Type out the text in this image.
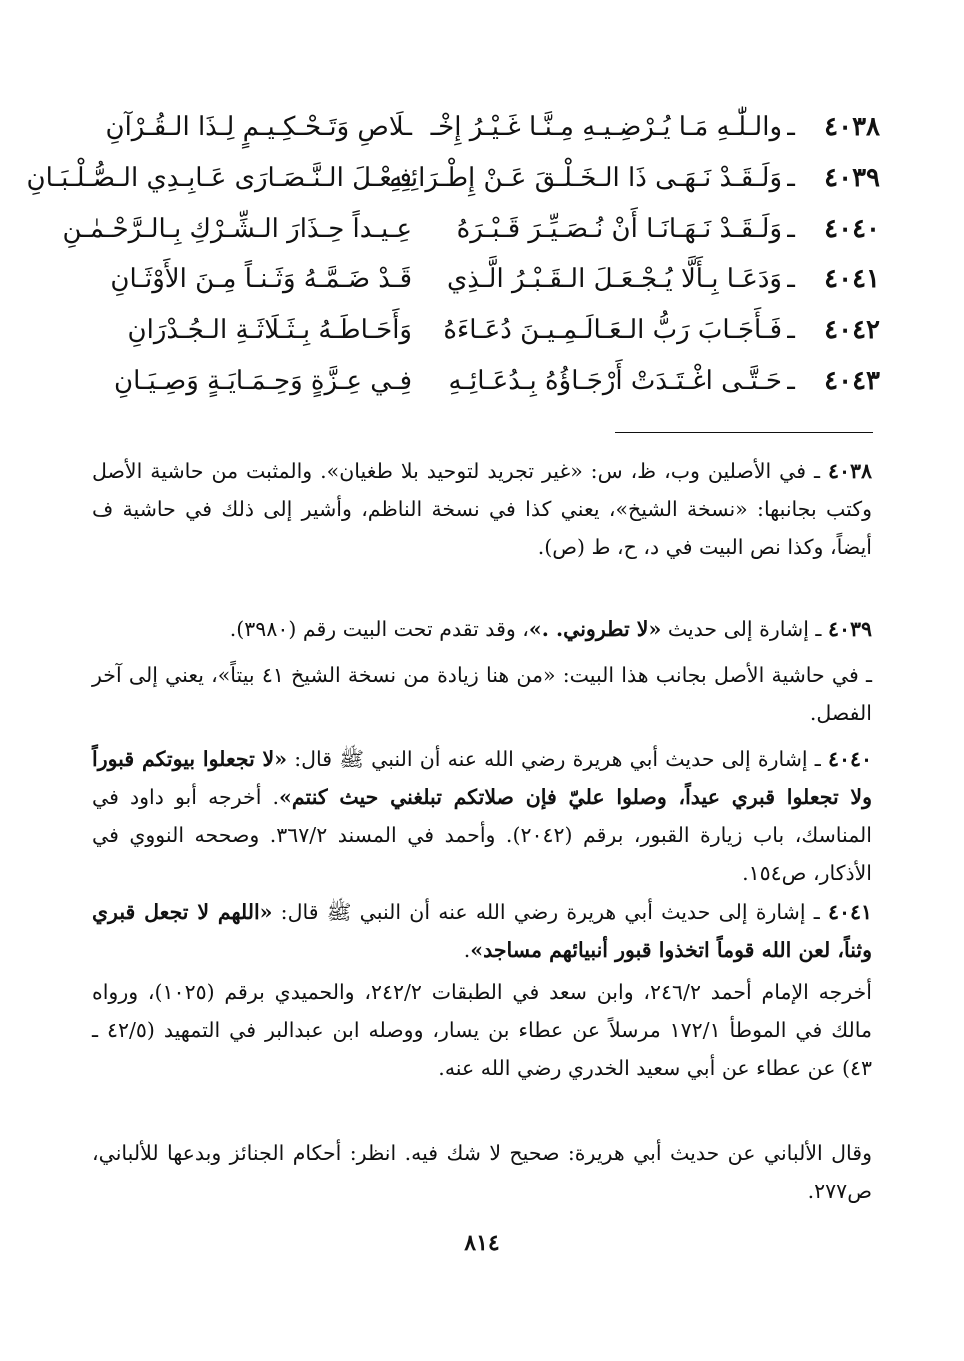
٤٠٣٨
ـ
والـلّٰـهِ مَـا يُـرْضِـيـهِ مِـنَّـا غَـيْـرُ إِخْـ
ـلَاصِ وَتَـحْـكِـيـمٍ لِـذَا الـقُـرْآنِ
٤٠٣٩
ـ
وَلَـقَـدْ نَـهَـى ذَا الـخَـلْـقَ عَـنْ إِطْـرَائِـهِ
فِـعْـلَ الـنَّـصَـارَى عَـابِـدِي الـصُّـلْـبَـانِ
٤٠٤٠
ـ
وَلَـقَـدْ نَـهَـانَـا أَنْ نُـصَـيِّـرَ قَـبْـرَهُ
عِـيـداً حِـذَارَ الـشِّـرْكِ بِـالـرَّحْـمٰـنِ
٤٠٤١
ـ
وَدَعَـا بِـأَلَّا يُـجْـعَـلَ الـقَـبْـرُ الَّـذِي
قَـدْ ضَـمَّـهُ وَثَـنـاً مِـنَ الأَوْثَـانِ
٤٠٤٢
ـ
فَـأَجَـابَ رَبُّ الـعَـالَـمِـيـنَ دُعَـاءَهُ
وَأَحَـاطَـهُ بِـثَـلَاثَـةِ الـجُـدْرَانِ
٤٠٤٣
ـ
حَـتَّـى اغْـتَـدَتْ أَرْجَـاؤُهُ بِـدُعَـائِـهِ
فِـي عِـزَّةٍ وَحِـمَـايَـةٍ وَصِـيَـانِ
٤٠٣٨ ـ في الأصلين وب، ظ، س: «غير تجريد لتوحيد بلا طغيان». والمثبت من حاشية الأصل وكتب بجانبها: «نسخة الشيخ»، يعني كذا في نسخة الناظم، وأشير إلى ذلك في حاشية ف أيضاً، وكذا نص البيت في د، ح، ط (ص).
٤٠٣٩ ـ إشارة إلى حديث «لا تطروني. .»، وقد تقدم تحت البيت رقم (٣٩٨٠).
ـ في حاشية الأصل بجانب هذا البيت: «من هنا زيادة من نسخة الشيخ ٤١ بيتاً»، يعني إلى آخر الفصل.
٤٠٤٠ ـ إشارة إلى حديث أبي هريرة رضي الله عنه أن النبي ﷺ قال: «لا تجعلوا بيوتكم قبوراً ولا تجعلوا قبري عيداً، وصلوا عليّ فإن صلاتكم تبلغني حيث كنتم». أخرجه أبو داود في المناسك، باب زيارة القبور، برقم (٢٠٤٢). وأحمد في المسند ٣٦٧/٢. وصححه النووي في الأذكار، ص١٥٤.
٤٠٤١ ـ إشارة إلى حديث أبي هريرة رضي الله عنه أن النبي ﷺ قال: «اللهم لا تجعل قبري وثناً، لعن الله قوماً اتخذوا قبور أنبيائهم مساجد».
أخرجه الإمام أحمد ٢٤٦/٢، وابن سعد في الطبقات ٢٤٢/٢، والحميدي برقم (١٠٢٥)، ورواه مالك في الموطأ ١٧٢/١ مرسلاً عن عطاء بن يسار، ووصله ابن عبدالبر في التمهيد (٤٢/٥ ـ ٤٣) عن عطاء عن أبي سعيد الخدري رضي الله عنه.
وقال الألباني عن حديث أبي هريرة: صحيح لا شك فيه. انظر: أحكام الجنائز وبدعها للألباني، ص٢٧٧.
٨١٤
